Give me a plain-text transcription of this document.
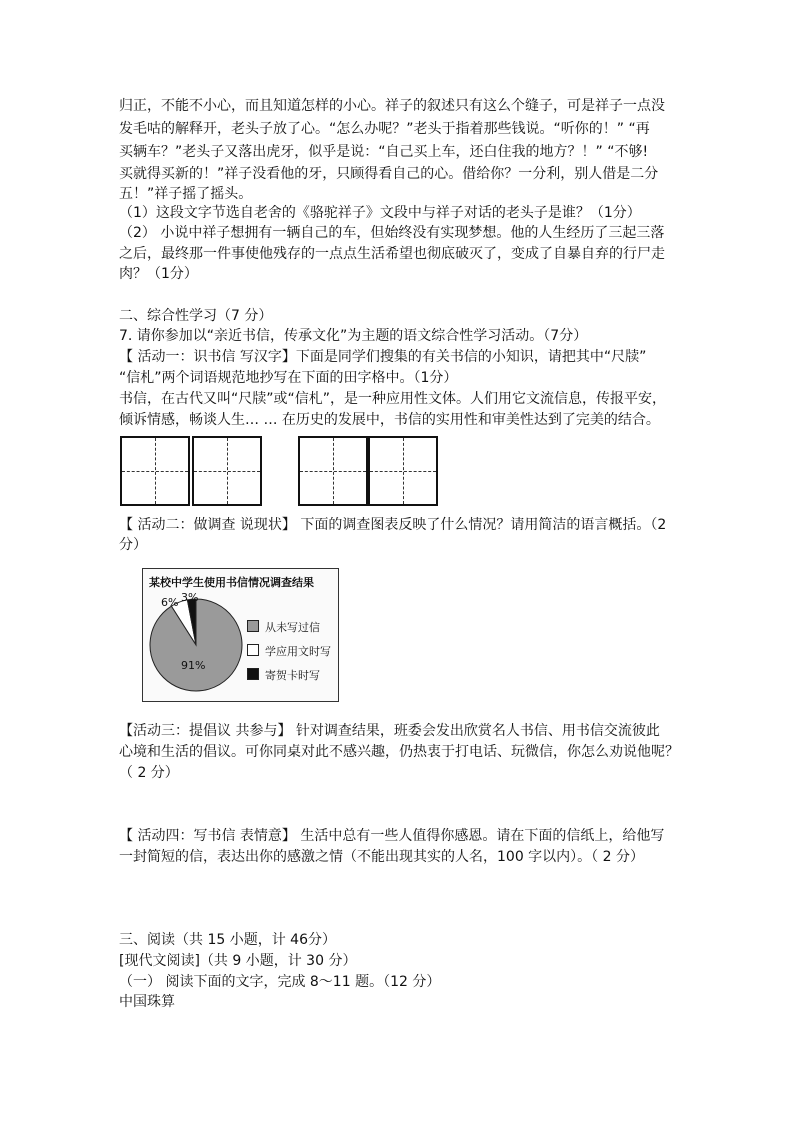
归正，不能不小心，而且知道怎样的小心。祥子的叙述只有这么个缝子，可是祥子一点没
发毛咕的解释开，老头子放了心。“怎么办呢？”老头于指着那些钱说。“听你的！” “再
买辆车？”老头子又落出虎牙，似乎是说：“自己买上车，还白住我的地方？！” “不够!
买就得买新的！”祥子没看他的牙，只顾得看自己的心。借给你？一分利，别人借是二分
五！”祥子摇了摇头。
（1）这段文字节选自老舍的《骆驼祥子》文段中与祥子对话的老头子是谁？（1分）
（2） 小说中祥子想拥有一辆自己的车，但始终没有实现梦想。他的人生经历了三起三落
之后，最终那一件事使他残存的一点点生活希望也彻底破灭了，变成了自暴自弃的行尸走
肉？（1分）
二、综合性学习（7 分）
7. 请你参加以“亲近书信，传承文化”为主题的语文综合性学习活动。（7分）
【 活动一：识书信 写汉字】下面是同学们搜集的有关书信的小知识，请把其中“尺牍”
“信札”两个词语规范地抄写在下面的田字格中。（1分）
书信，在古代又叫“尺牍”或“信札”，是一种应用性文体。人们用它文流信息，传报平安，
倾诉情感，畅谈人生… … 在历史的发展中，书信的实用性和审美性达到了完美的结合。
【 活动二：做调查 说现状】 下面的调查图表反映了什么情况？请用简洁的语言概括。（2
分）
某校中学生使用书信情况调查结果
6% 3%
91%
从未写过信
学应用文时写
寄贺卡时写
【活动三：提倡议 共参与】 针对调查结果，班委会发出欣赏名人书信、用书信交流彼此
心境和生活的倡议。可你同桌对此不感兴趣，仍热衷于打电话、玩微信，你怎么劝说他呢？
（ 2 分）
【 活动四：写书信 表情意】 生活中总有一些人值得你感恩。请在下面的信纸上，给他写
一封简短的信，表达出你的感激之情（不能出现其实的人名，100 字以内）。（ 2 分）
三、阅读（共 15 小题，计 46分）
[现代文阅读]（共 9 小题，计 30 分）
（一） 阅读下面的文字，完成 8～11 题。（12 分）
中国珠算
